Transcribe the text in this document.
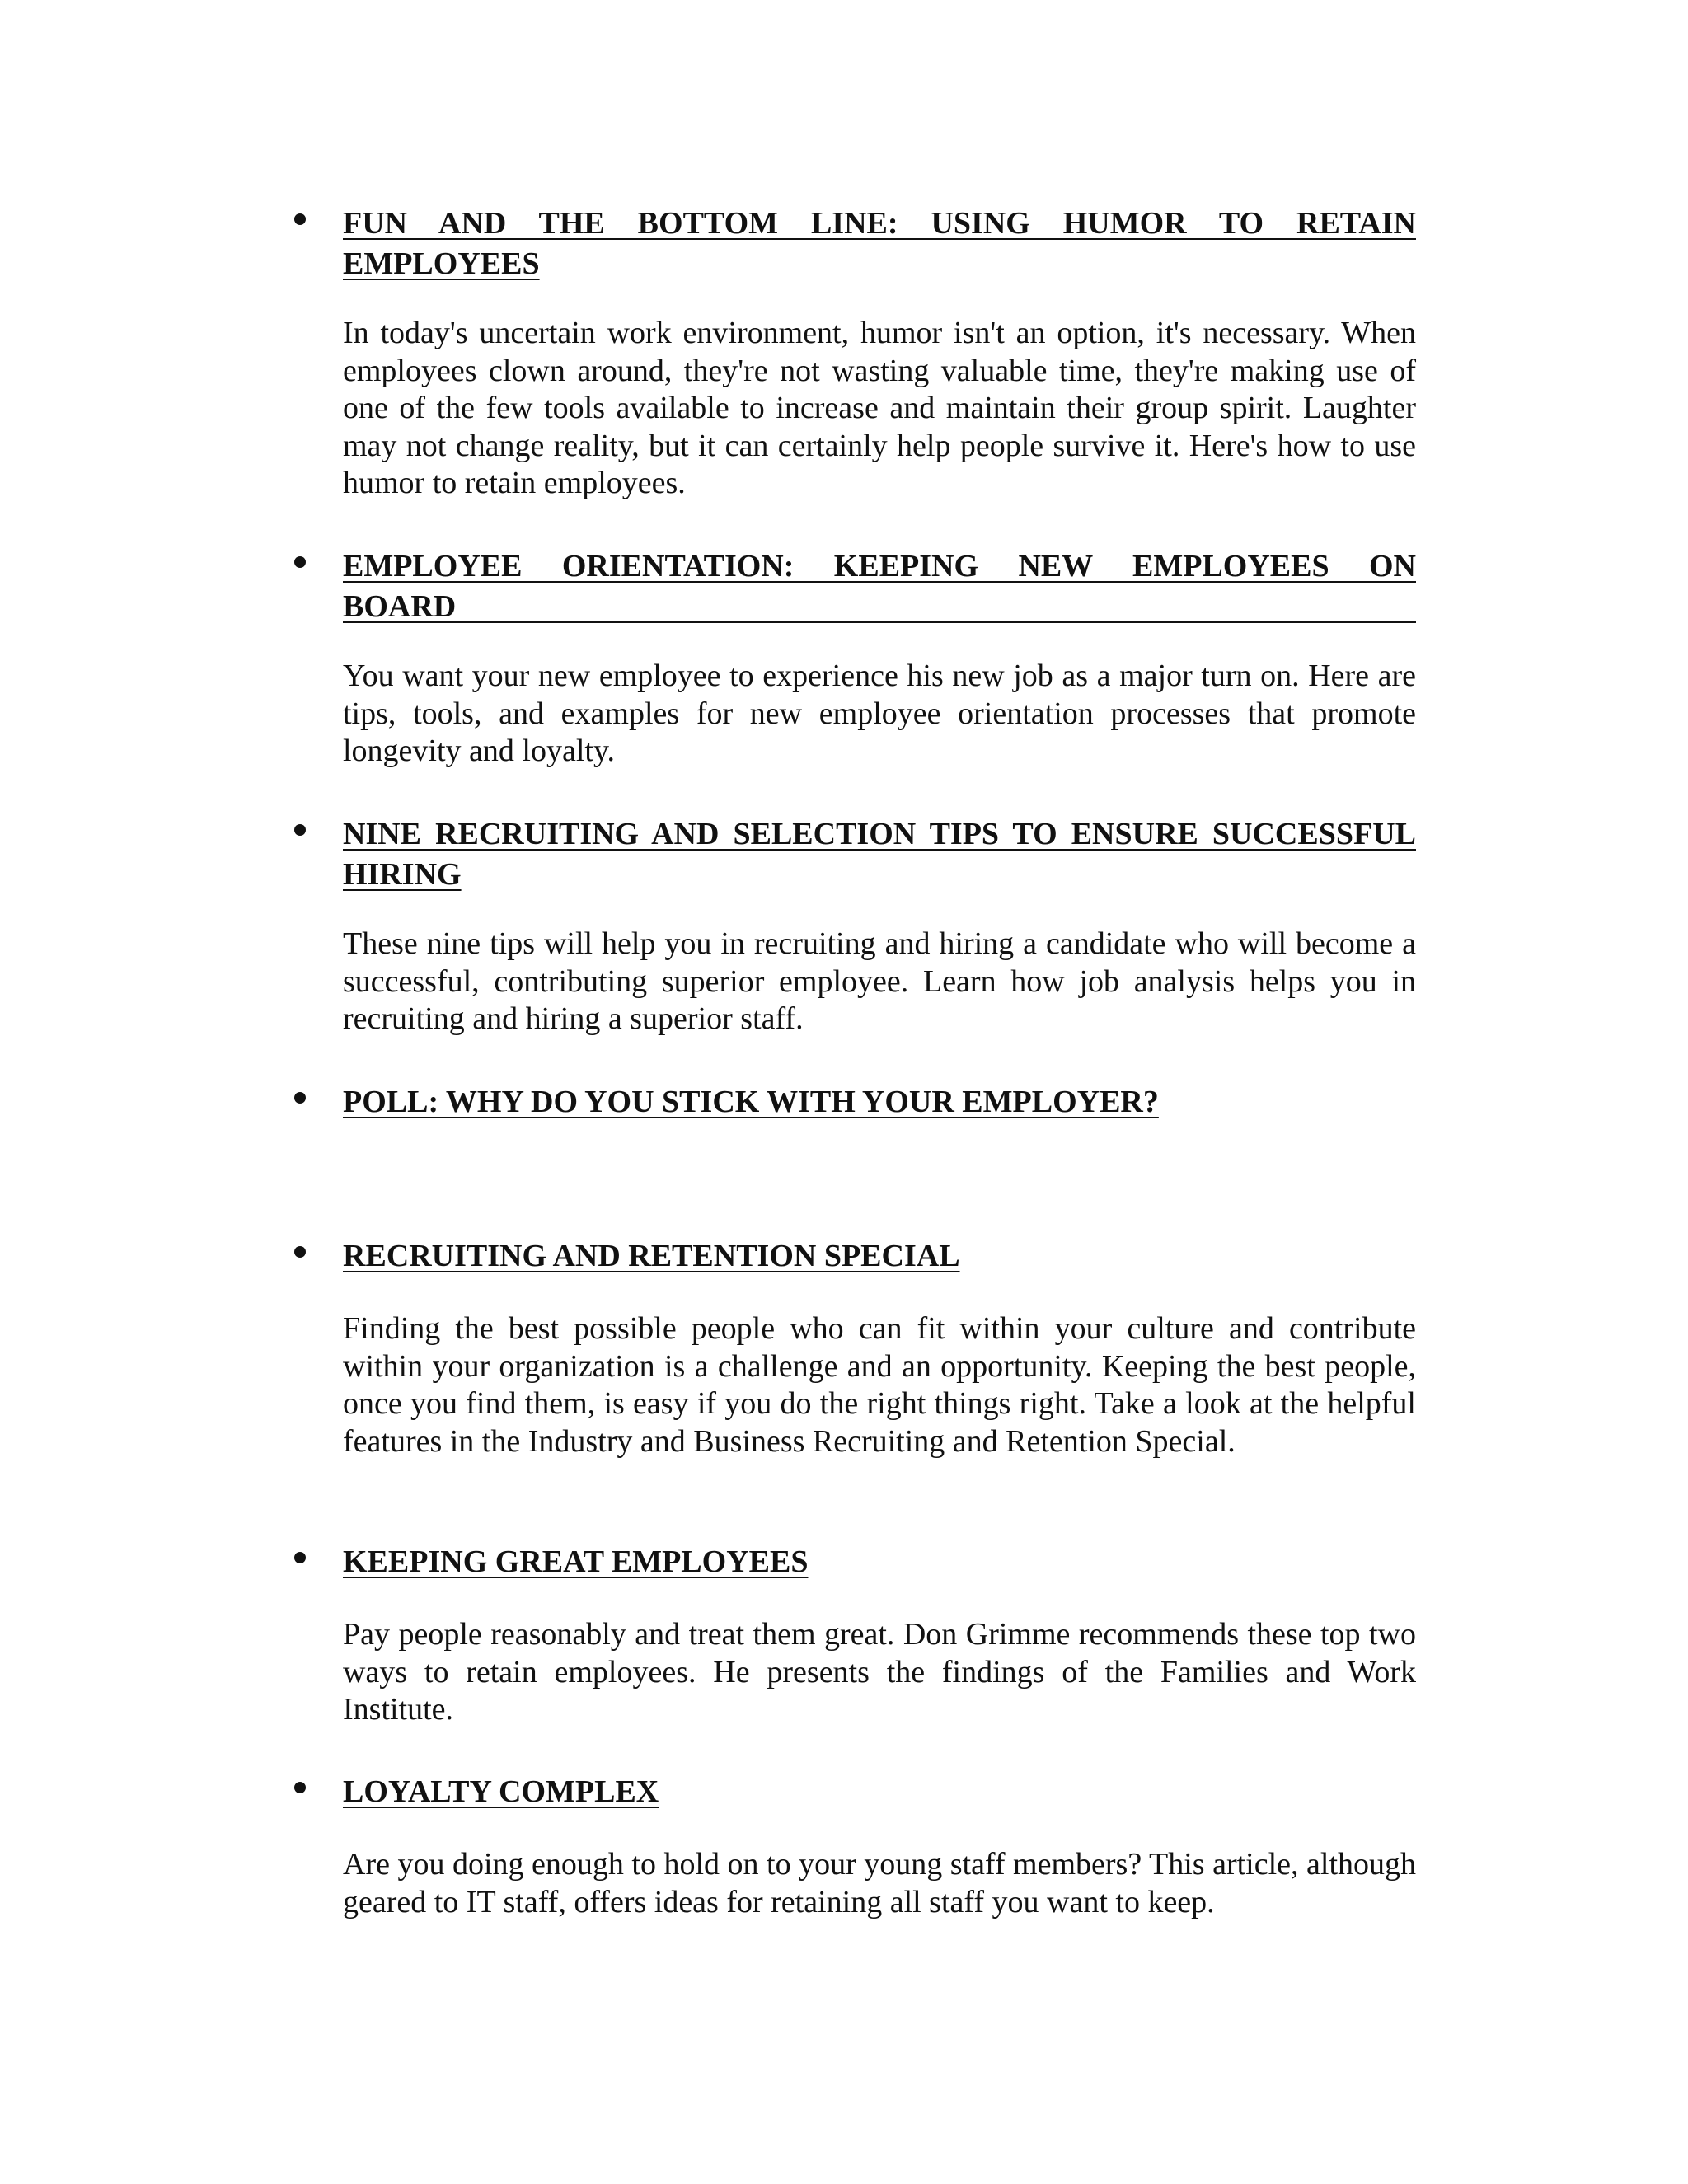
FUN AND THE BOTTOM LINE: USING HUMOR TO RETAIN
EMPLOYEES

In today's uncertain work environment, humor isn't an option, it's necessary. When employees clown around, they're not wasting valuable time, they're making use of one of the few tools available to increase and maintain their group spirit. Laughter may not change reality, but it can certainly help people survive it. Here's how to use humor to retain employees.

EMPLOYEE ORIENTATION: KEEPING NEW EMPLOYEES ON
BOARD

You want your new employee to experience his new job as a major turn on. Here are tips, tools, and examples for new employee orientation processes that promote longevity and loyalty.

NINE RECRUITING AND SELECTION TIPS TO ENSURE SUCCESSFUL
HIRING

These nine tips will help you in recruiting and hiring a candidate who will become a successful, contributing superior employee. Learn how job analysis helps you in recruiting and hiring a superior staff.

POLL: WHY DO YOU STICK WITH YOUR EMPLOYER?
RECRUITING AND RETENTION SPECIAL

Finding the best possible people who can fit within your culture and contribute within your organization is a challenge and an opportunity. Keeping the best people, once you find them, is easy if you do the right things right. Take a look at the helpful features in the Industry and Business Recruiting and Retention Special.

KEEPING GREAT EMPLOYEES

Pay people reasonably and treat them great. Don Grimme recommends these top two ways to retain employees. He presents the findings of the Families and Work Institute.

LOYALTY COMPLEX

Are you doing enough to hold on to your young staff members? This article, although geared to IT staff, offers ideas for retaining all staff you want to keep.
